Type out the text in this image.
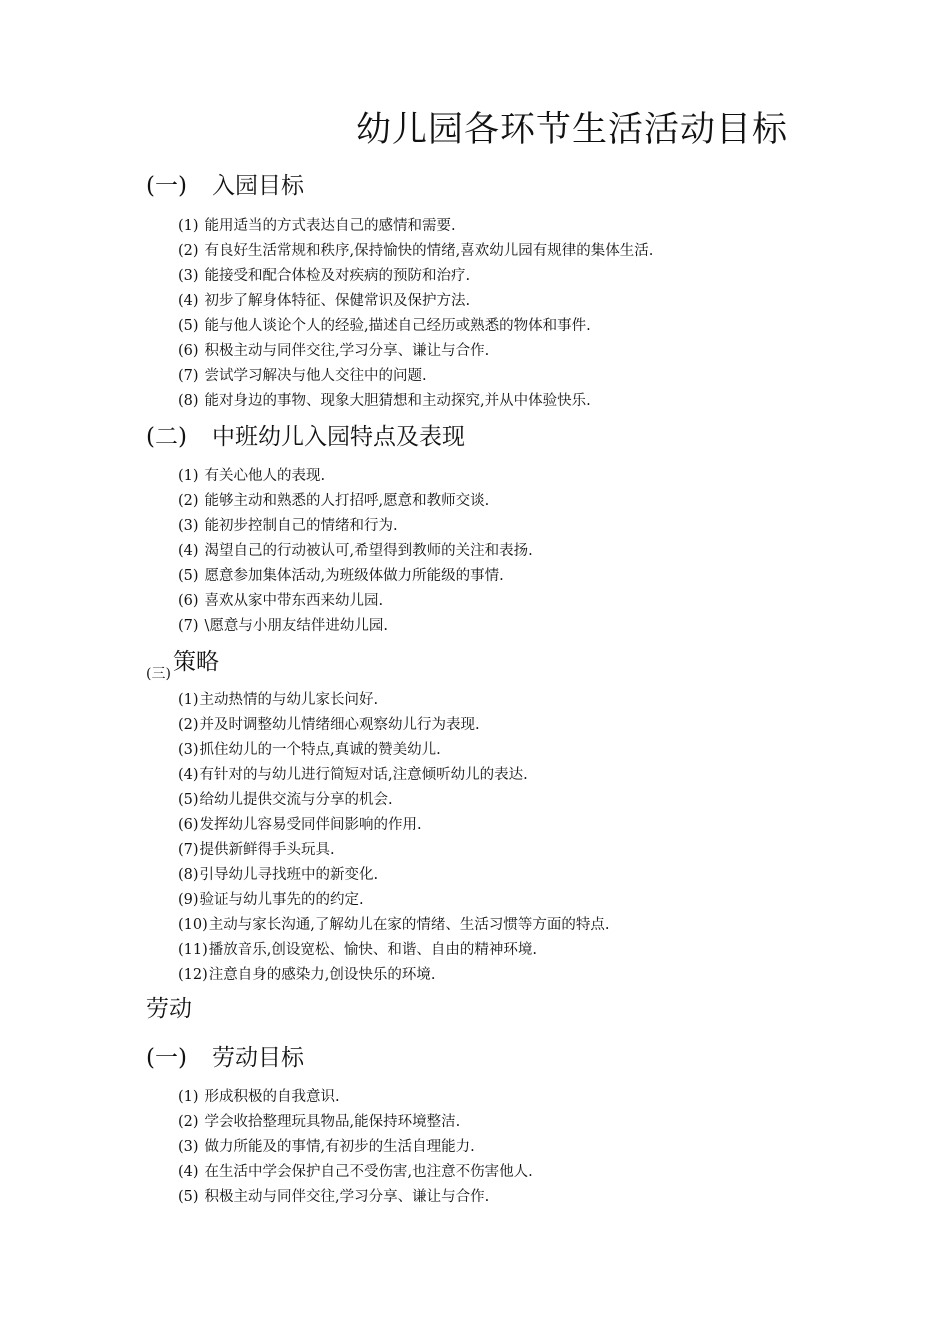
幼儿园各环节生活活动目标
(一) 入园目标
(1) 能用适当的方式表达自己的感情和需要.
(2) 有良好生活常规和秩序,保持愉快的情绪,喜欢幼儿园有规律的集体生活.
(3) 能接受和配合体检及对疾病的预防和治疗.
(4) 初步了解身体特征、保健常识及保护方法.
(5) 能与他人谈论个人的经验,描述自己经历或熟悉的物体和事件.
(6) 积极主动与同伴交往,学习分享、谦让与合作.
(7) 尝试学习解决与他人交往中的问题.
(8) 能对身边的事物、现象大胆猜想和主动探究,并从中体验快乐.
(二) 中班幼儿入园特点及表现
(1) 有关心他人的表现.
(2) 能够主动和熟悉的人打招呼,愿意和教师交谈.
(3) 能初步控制自己的情绪和行为.
(4) 渴望自己的行动被认可,希望得到教师的关注和表扬.
(5) 愿意参加集体活动,为班级体做力所能级的事情.
(6) 喜欢从家中带东西来幼儿园.
(7) \愿意与小朋友结伴进幼儿园.
(三)策略
(1)主动热情的与幼儿家长问好.
(2)并及时调整幼儿情绪细心观察幼儿行为表现.
(3)抓住幼儿的一个特点,真诚的赞美幼儿.
(4)有针对的与幼儿进行简短对话,注意倾听幼儿的表达.
(5)给幼儿提供交流与分享的机会.
(6)发挥幼儿容易受同伴间影响的作用.
(7)提供新鲜得手头玩具.
(8)引导幼儿寻找班中的新变化.
(9)验证与幼儿事先的的约定.
(10)主动与家长沟通,了解幼儿在家的情绪、生活习惯等方面的特点.
(11)播放音乐,创设宽松、愉快、和谐、自由的精神环境.
(12)注意自身的感染力,创设快乐的环境.
劳动
(一) 劳动目标
(1) 形成积极的自我意识.
(2) 学会收拾整理玩具物品,能保持环境整洁.
(3) 做力所能及的事情,有初步的生活自理能力.
(4) 在生活中学会保护自己不受伤害,也注意不伤害他人.
(5) 积极主动与同伴交往,学习分享、谦让与合作.
